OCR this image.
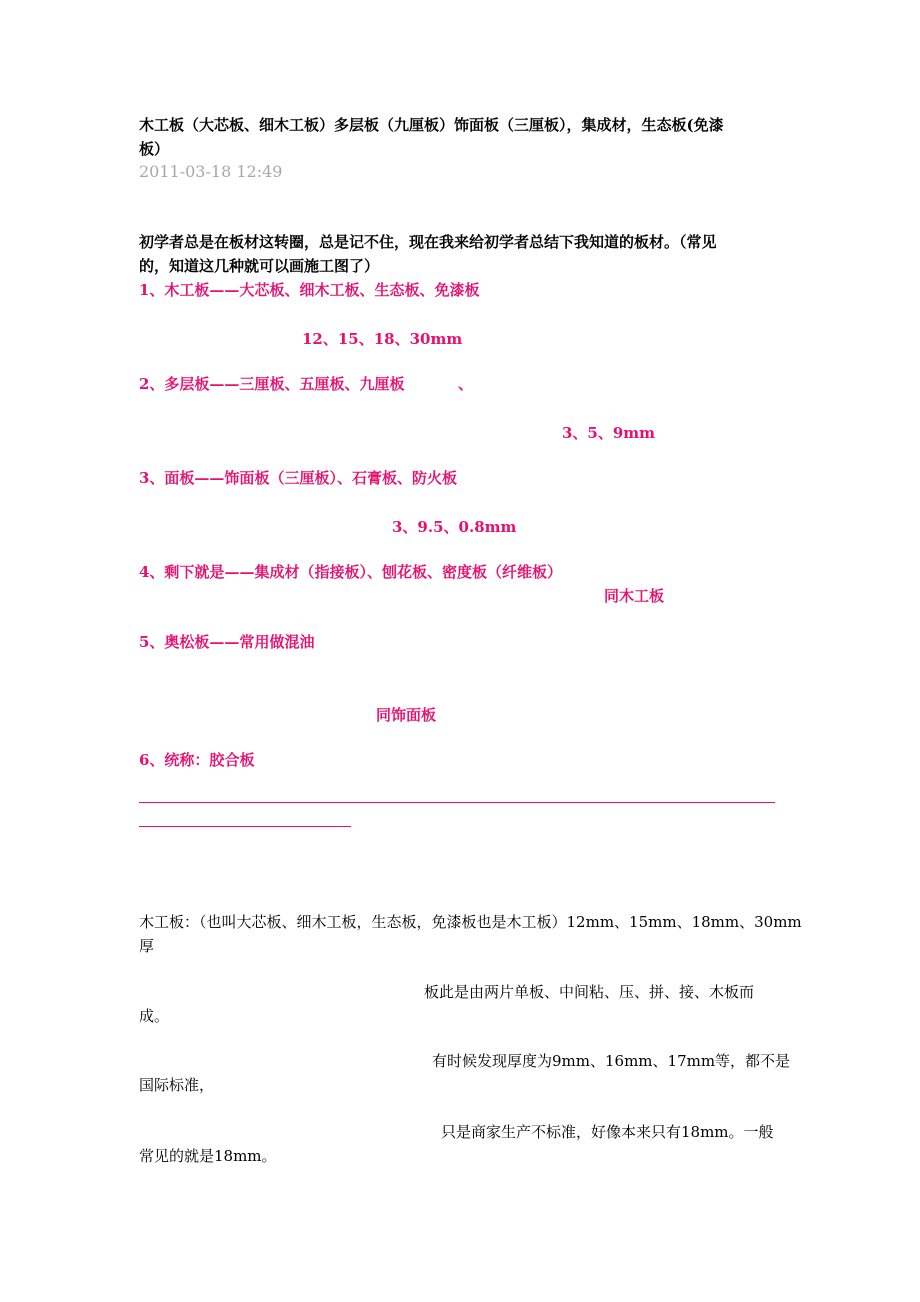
木工板（大芯板、细木工板）多层板（九厘板）饰面板（三厘板），集成材，生态板(免漆
板）
2011-03-18 12:49
初学者总是在板材这转圈，总是记不住，现在我来给初学者总结下我知道的板材。（常见
的，知道这几种就可以画施工图了）
1、木工板——大芯板、细木工板、生态板、免漆板
12、15、18、30mm
2、多层板——三厘板、五厘板、九厘板	、
3、5、9mm
3、面板——饰面板（三厘板）、石膏板、防火板
3、9.5、0.8mm
4、剩下就是——集成材（指接板）、刨花板、密度板（纤维板）
同木工板
5、奥松板——常用做混油
同饰面板
6、统称：胶合板
木工板：（也叫大芯板、细木工板，生态板，免漆板也是木工板）12mm、15mm、18mm、30mm
厚
板此是由两片单板、中间粘、压、拼、接、木板而
成。
有时候发现厚度为9mm、16mm、17mm等，都不是
国际标准，
只是商家生产不标准，好像本来只有18mm。一般
常见的就是18mm。
